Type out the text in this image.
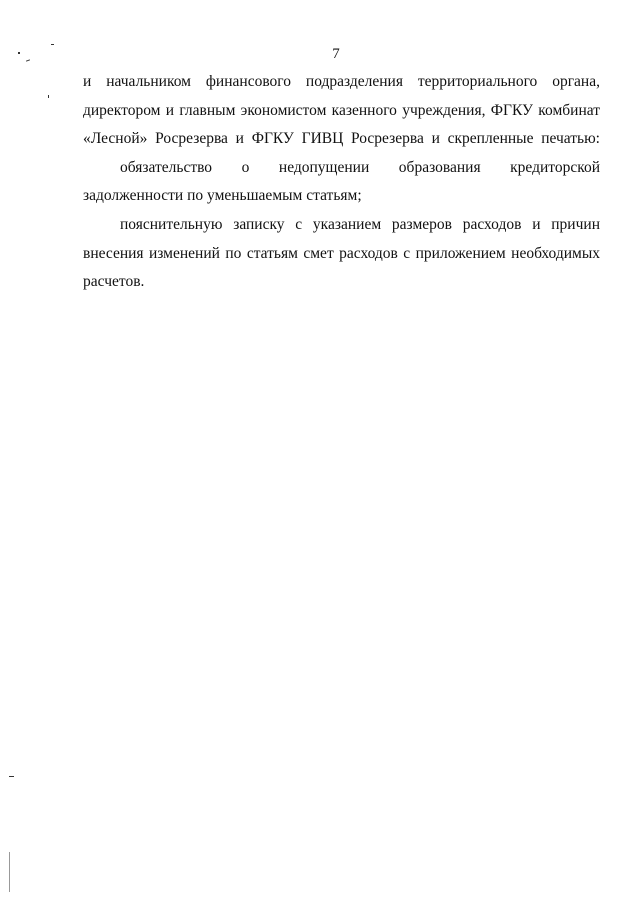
7
и начальником финансового подразделения территориального органа,
директором и главным экономистом казенного учреждения, ФГКУ комбинат
«Лесной» Росрезерва и ФГКУ ГИВЦ Росрезерва и скрепленные печатью:
обязательство о недопущении образования кредиторской
задолженности по уменьшаемым статьям;
пояснительную записку с указанием размеров расходов и причин
внесения изменений по статьям смет расходов с приложением необходимых
расчетов.
